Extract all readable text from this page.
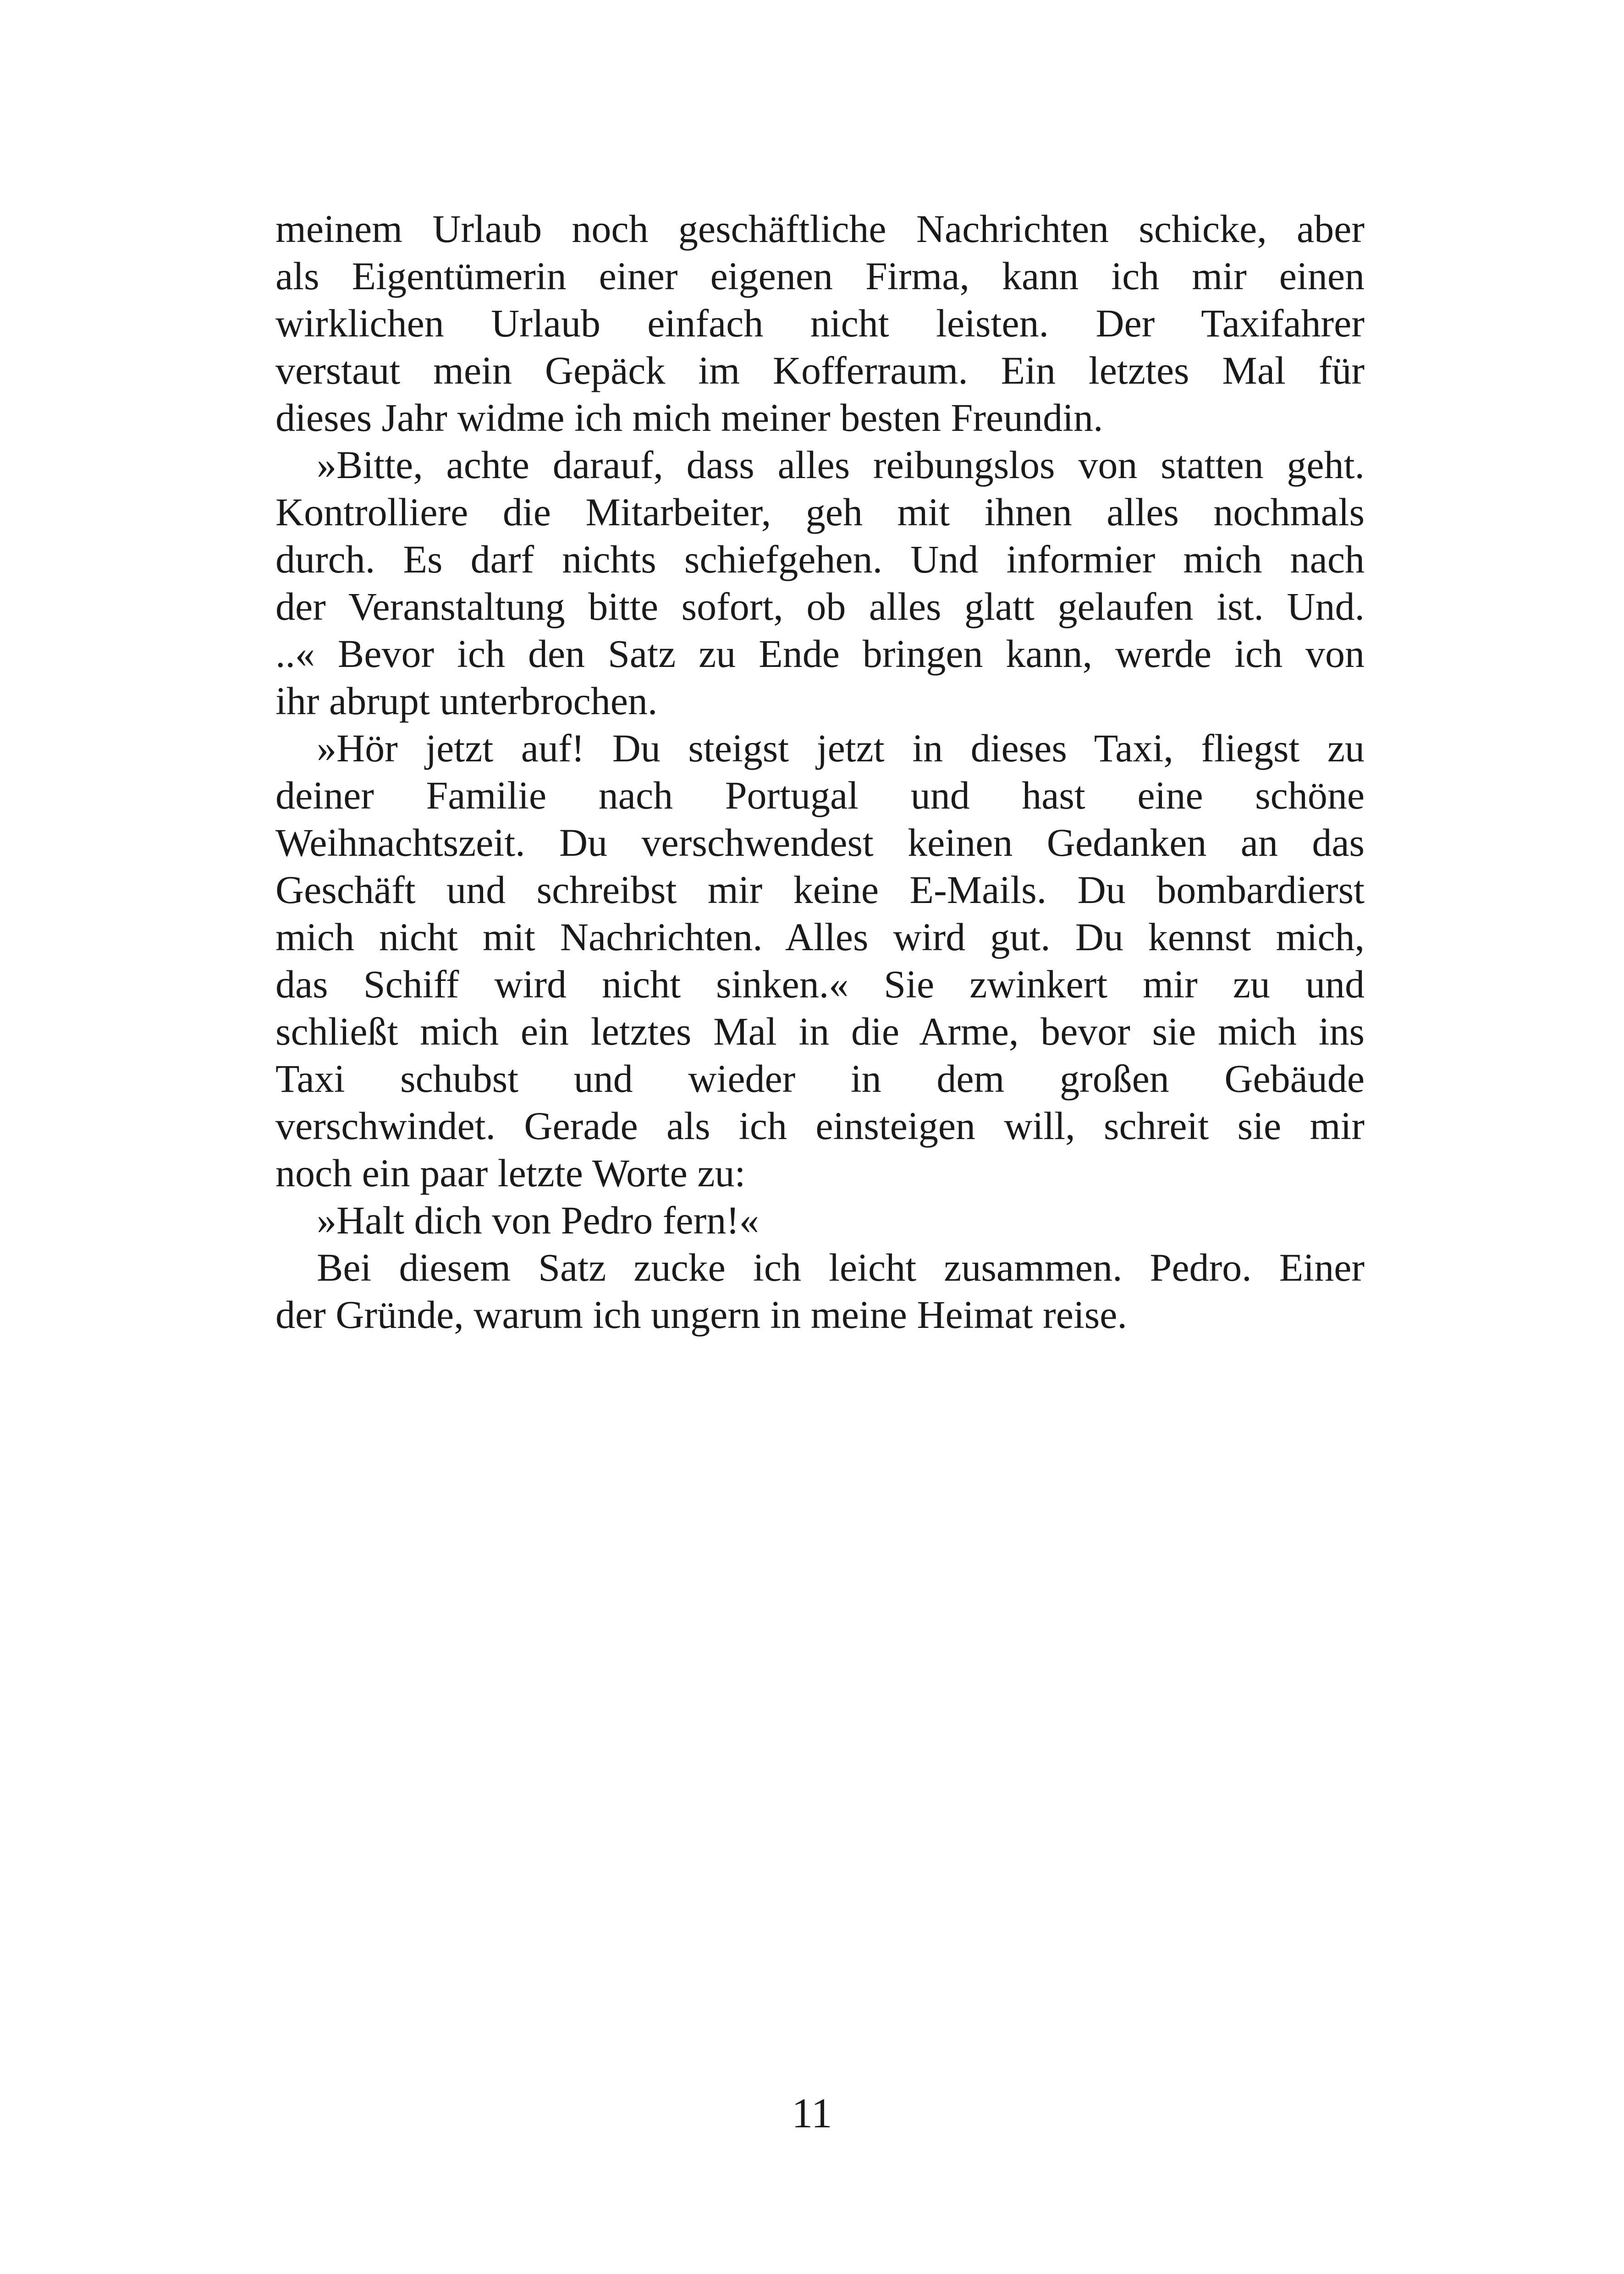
meinem Urlaub noch geschäftliche Nachrichten schicke, aber
als Eigentümerin einer eigenen Firma, kann ich mir einen
wirklichen Urlaub einfach nicht leisten. Der Taxifahrer
verstaut mein Gepäck im Kofferraum. Ein letztes Mal für
dieses Jahr widme ich mich meiner besten Freundin.
»Bitte, achte darauf, dass alles reibungslos von statten geht.
Kontrolliere die Mitarbeiter, geh mit ihnen alles nochmals
durch. Es darf nichts schiefgehen. Und informier mich nach
der Veranstaltung bitte sofort, ob alles glatt gelaufen ist. Und.
..« Bevor ich den Satz zu Ende bringen kann, werde ich von
ihr abrupt unterbrochen.
»Hör jetzt auf! Du steigst jetzt in dieses Taxi, fliegst zu
deiner Familie nach Portugal und hast eine schöne
Weihnachtszeit. Du verschwendest keinen Gedanken an das
Geschäft und schreibst mir keine E-Mails. Du bombardierst
mich nicht mit Nachrichten. Alles wird gut. Du kennst mich,
das Schiff wird nicht sinken.« Sie zwinkert mir zu und
schließt mich ein letztes Mal in die Arme, bevor sie mich ins
Taxi schubst und wieder in dem großen Gebäude
verschwindet. Gerade als ich einsteigen will, schreit sie mir
noch ein paar letzte Worte zu:
»Halt dich von Pedro fern!«
Bei diesem Satz zucke ich leicht zusammen. Pedro. Einer
der Gründe, warum ich ungern in meine Heimat reise.
11
